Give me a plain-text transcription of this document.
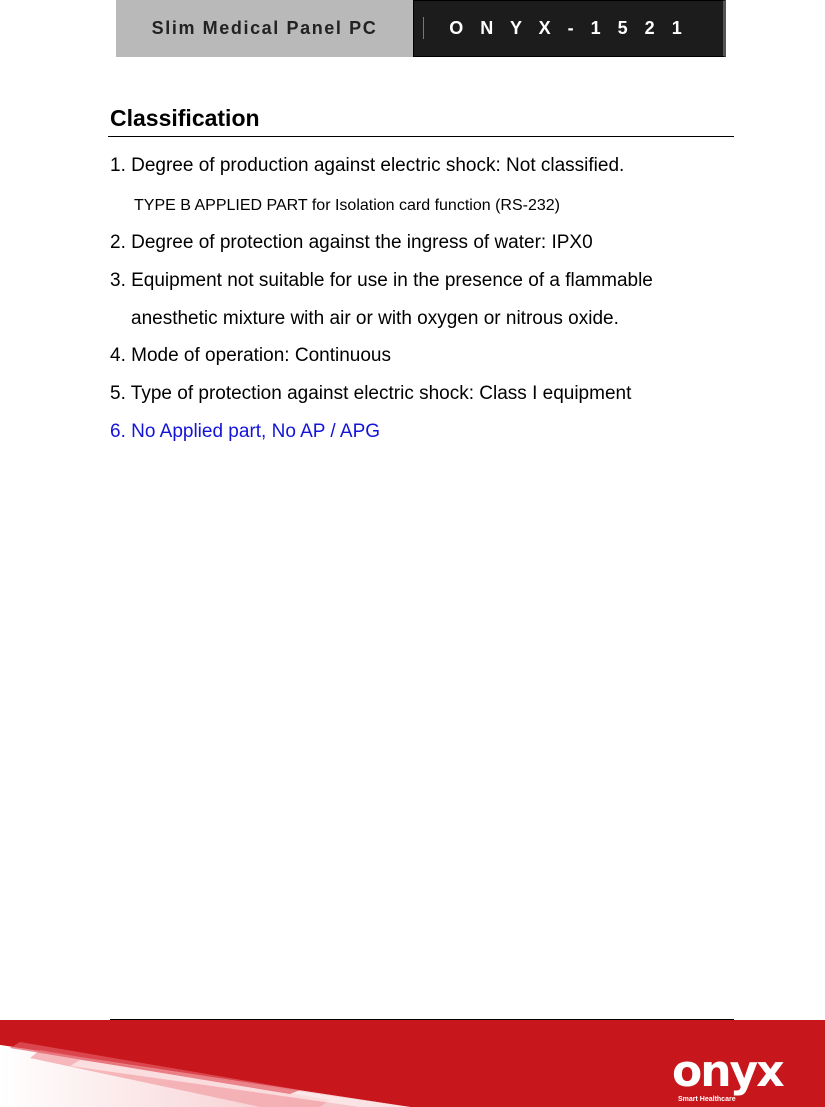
Slim Medical Panel PC	O N Y X - 1 5 2 1
Classification
1. Degree of production against electric shock: Not classified.
TYPE B APPLIED PART for Isolation card function (RS-232)
2. Degree of protection against the ingress of water: IPX0
3. Equipment not suitable for use in the presence of a flammable
anesthetic mixture with air or with oxygen or nitrous oxide.
4. Mode of operation: Continuous
5. Type of protection against electric shock: Class I equipment
6. No Applied part, No AP / APG
onyx
Smart Healthcare
